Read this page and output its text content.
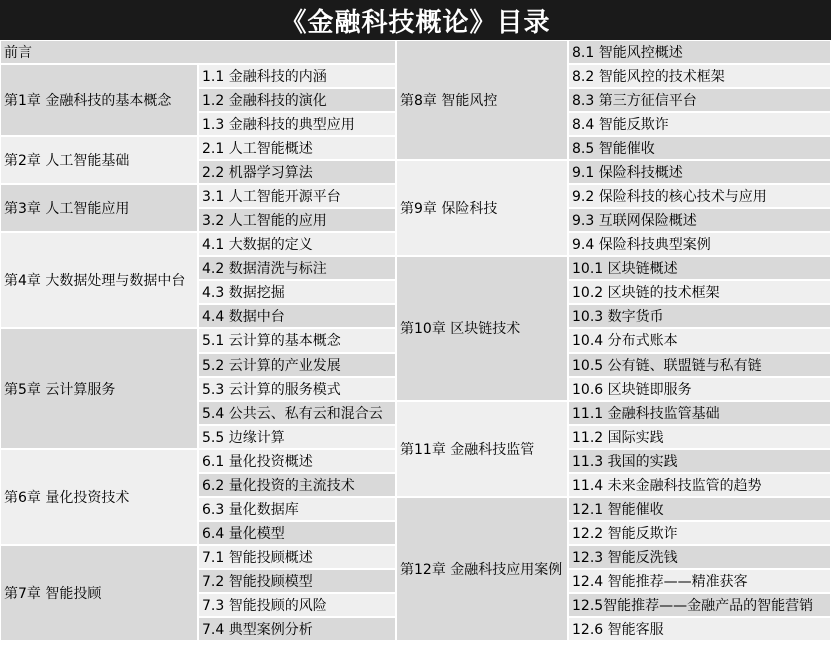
《金融科技概论》目录
前言
第1章 金融科技的基本概念
1.1 金融科技的内涵
1.2 金融科技的演化
1.3 金融科技的典型应用
第2章 人工智能基础
2.1 人工智能概述
2.2 机器学习算法
第3章 人工智能应用
3.1 人工智能开源平台
3.2 人工智能的应用
第4章 大数据处理与数据中台
4.1 大数据的定义
4.2 数据清洗与标注
4.3 数据挖掘
4.4 数据中台
第5章 云计算服务
5.1 云计算的基本概念
5.2 云计算的产业发展
5.3 云计算的服务模式
5.4 公共云、私有云和混合云
5.5 边缘计算
第6章 量化投资技术
6.1 量化投资概述
6.2 量化投资的主流技术
6.3 量化数据库
6.4 量化模型
第7章 智能投顾
7.1 智能投顾概述
7.2 智能投顾模型
7.3 智能投顾的风险
7.4 典型案例分析
第8章 智能风控
8.1 智能风控概述
8.2 智能风控的技术框架
8.3 第三方征信平台
8.4 智能反欺诈
8.5 智能催收
第9章 保险科技
9.1 保险科技概述
9.2 保险科技的核心技术与应用
9.3 互联网保险概述
9.4 保险科技典型案例
第10章 区块链技术
10.1 区块链概述
10.2 区块链的技术框架
10.3 数字货币
10.4 分布式账本
10.5 公有链、联盟链与私有链
10.6 区块链即服务
第11章 金融科技监管
11.1 金融科技监管基础
11.2 国际实践
11.3 我国的实践
11.4 未来金融科技监管的趋势
第12章 金融科技应用案例
12.1 智能催收
12.2 智能反欺诈
12.3 智能反洗钱
12.4 智能推荐——精准获客
12.5智能推荐——金融产品的智能营销
12.6 智能客服
